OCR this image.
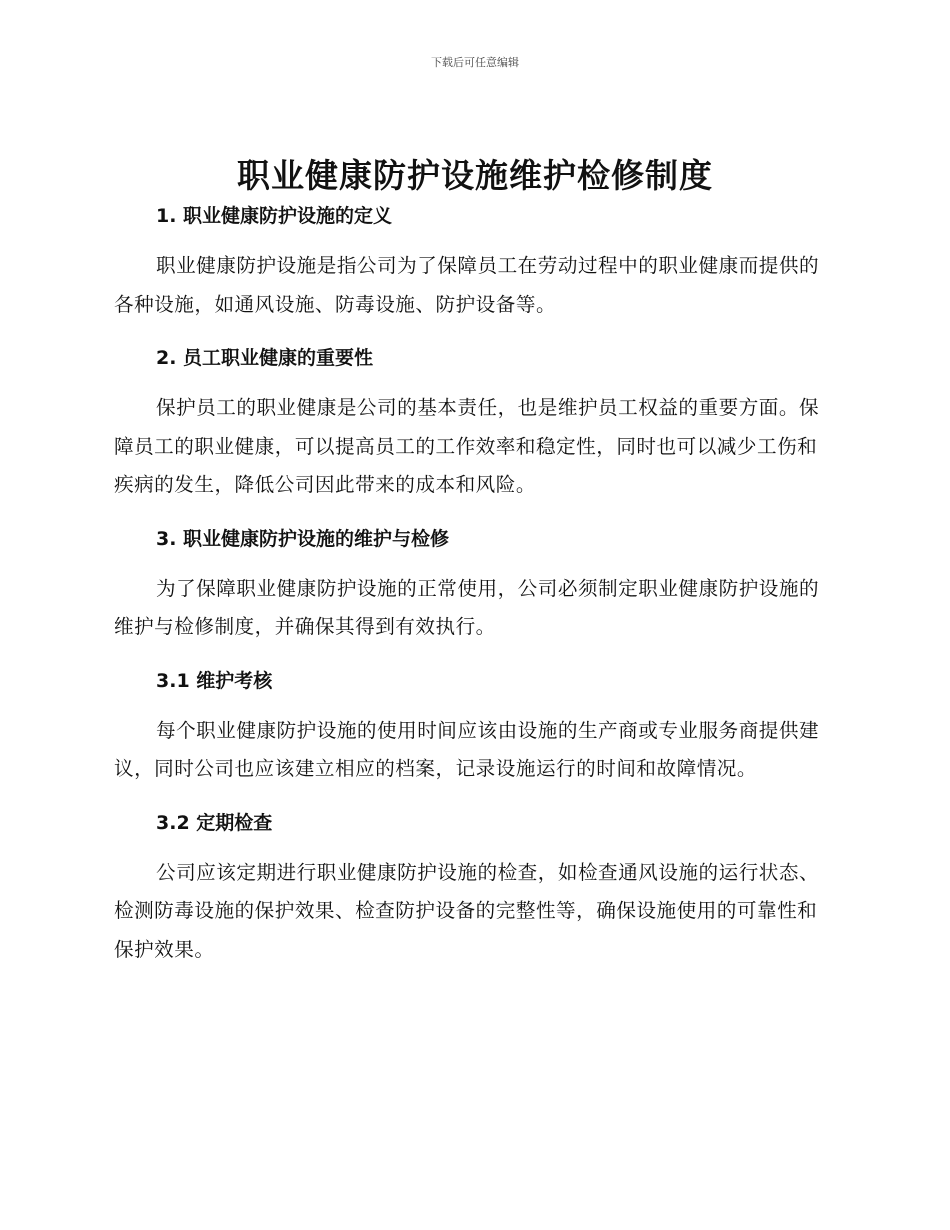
下载后可任意编辑
职业健康防护设施维护检修制度
1. 职业健康防护设施的定义

职业健康防护设施是指公司为了保障员工在劳动过程中的职业健康而提供的各种设施，如通风设施、防毒设施、防护设备等。

2. 员工职业健康的重要性

保护员工的职业健康是公司的基本责任，也是维护员工权益的重要方面。保障员工的职业健康，可以提高员工的工作效率和稳定性，同时也可以减少工伤和疾病的发生，降低公司因此带来的成本和风险。

3. 职业健康防护设施的维护与检修

为了保障职业健康防护设施的正常使用，公司必须制定职业健康防护设施的维护与检修制度，并确保其得到有效执行。

3.1 维护考核

每个职业健康防护设施的使用时间应该由设施的生产商或专业服务商提供建议，同时公司也应该建立相应的档案，记录设施运行的时间和故障情况。

3.2 定期检查

公司应该定期进行职业健康防护设施的检查，如检查通风设施的运行状态、检测防毒设施的保护效果、检查防护设备的完整性等，确保设施使用的可靠性和保护效果。
